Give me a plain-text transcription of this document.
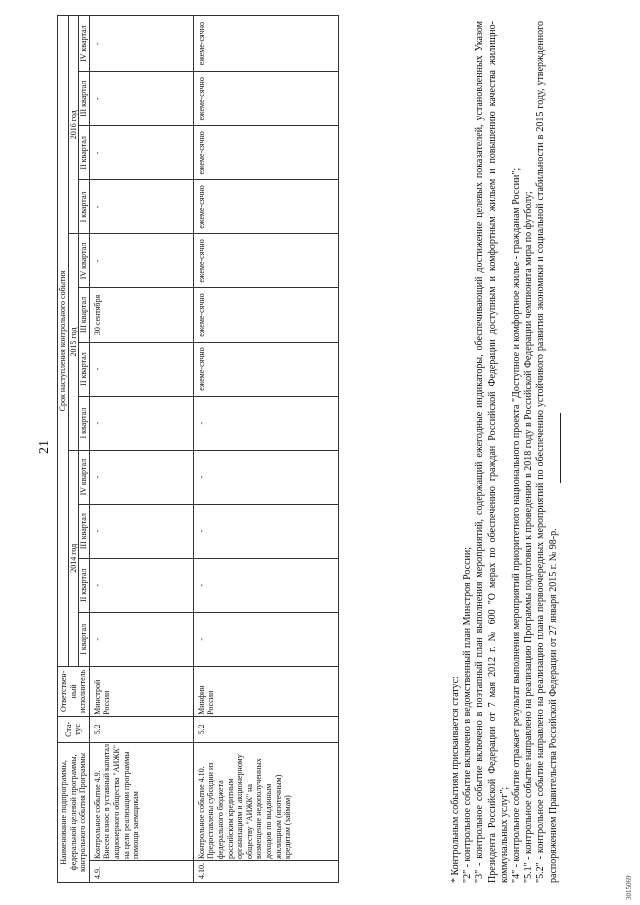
21
Наименование подпрограммы, федеральной целевой программы, контрольного события Программы		Ста-тус	Ответствен-ный исполнитель	Срок наступления контрольного события											
				2014 год				2015 год				2016 год			
				I квартал	II квартал	III квартал	IV квартал	I квартал	II квартал	III квартал	IV квартал	I квартал	II квартал	III квартал	IV квартал
4.9.	Контрольное событие 4.9. Внесен взнос в уставный капитал акционерного общества "АИЖК" на цели реализации программы помощи заемщикам	5.2	Минстрой России	-	-	-	-	-	-	30 сентября	-	-	-	-	-
4.10.	Контрольное событие 4.10. Предоставлены субсидии из федерального бюджета российским кредитным организациям и акционерному обществу "АИЖК" на возмещение недополученных доходов по выданным жилищным (ипотечным) кредитам (займам)	5.2	Минфин России	-	-	-	-	-	ежеме-сячно	ежеме-сячно	ежеме-сячно	ежеме-сячно	ежеме-сячно	ежеме-сячно	ежеме-сячно

* Контрольным событиям присваивается статус: "2" - контрольное событие включено в ведомственный план Минстроя России; "3" - контрольное событие включено в поэтапный план выполнения мероприятий, содержащий ежегодные индикаторы, обеспечивающий достижение целевых показателей, установленных Указом Президента Российской Федерации от 7 мая 2012 г. № 600 "О мерах по обеспечению граждан Российской Федерации доступным и комфортным жильем и повышению качества жилищно-коммунальных услуг"; "4" - контрольное событие отражает результат выполнения мероприятий приоритетного национального проекта "Доступное и комфортное жилье - гражданам России"; "5.1" - контрольное событие направлено на реализацию Программы подготовки к проведению в 2018 году в Российской Федерации чемпионата мира по футболу; "5.2" - контрольное событие направлено на реализацию плана первоочередных мероприятий по обеспечению устойчивого развития экономики и социальной стабильности в 2015 году, утвержденного распоряжением Правительства Российской Федерации от 27 января 2015 г. № 98-р.

3015069
